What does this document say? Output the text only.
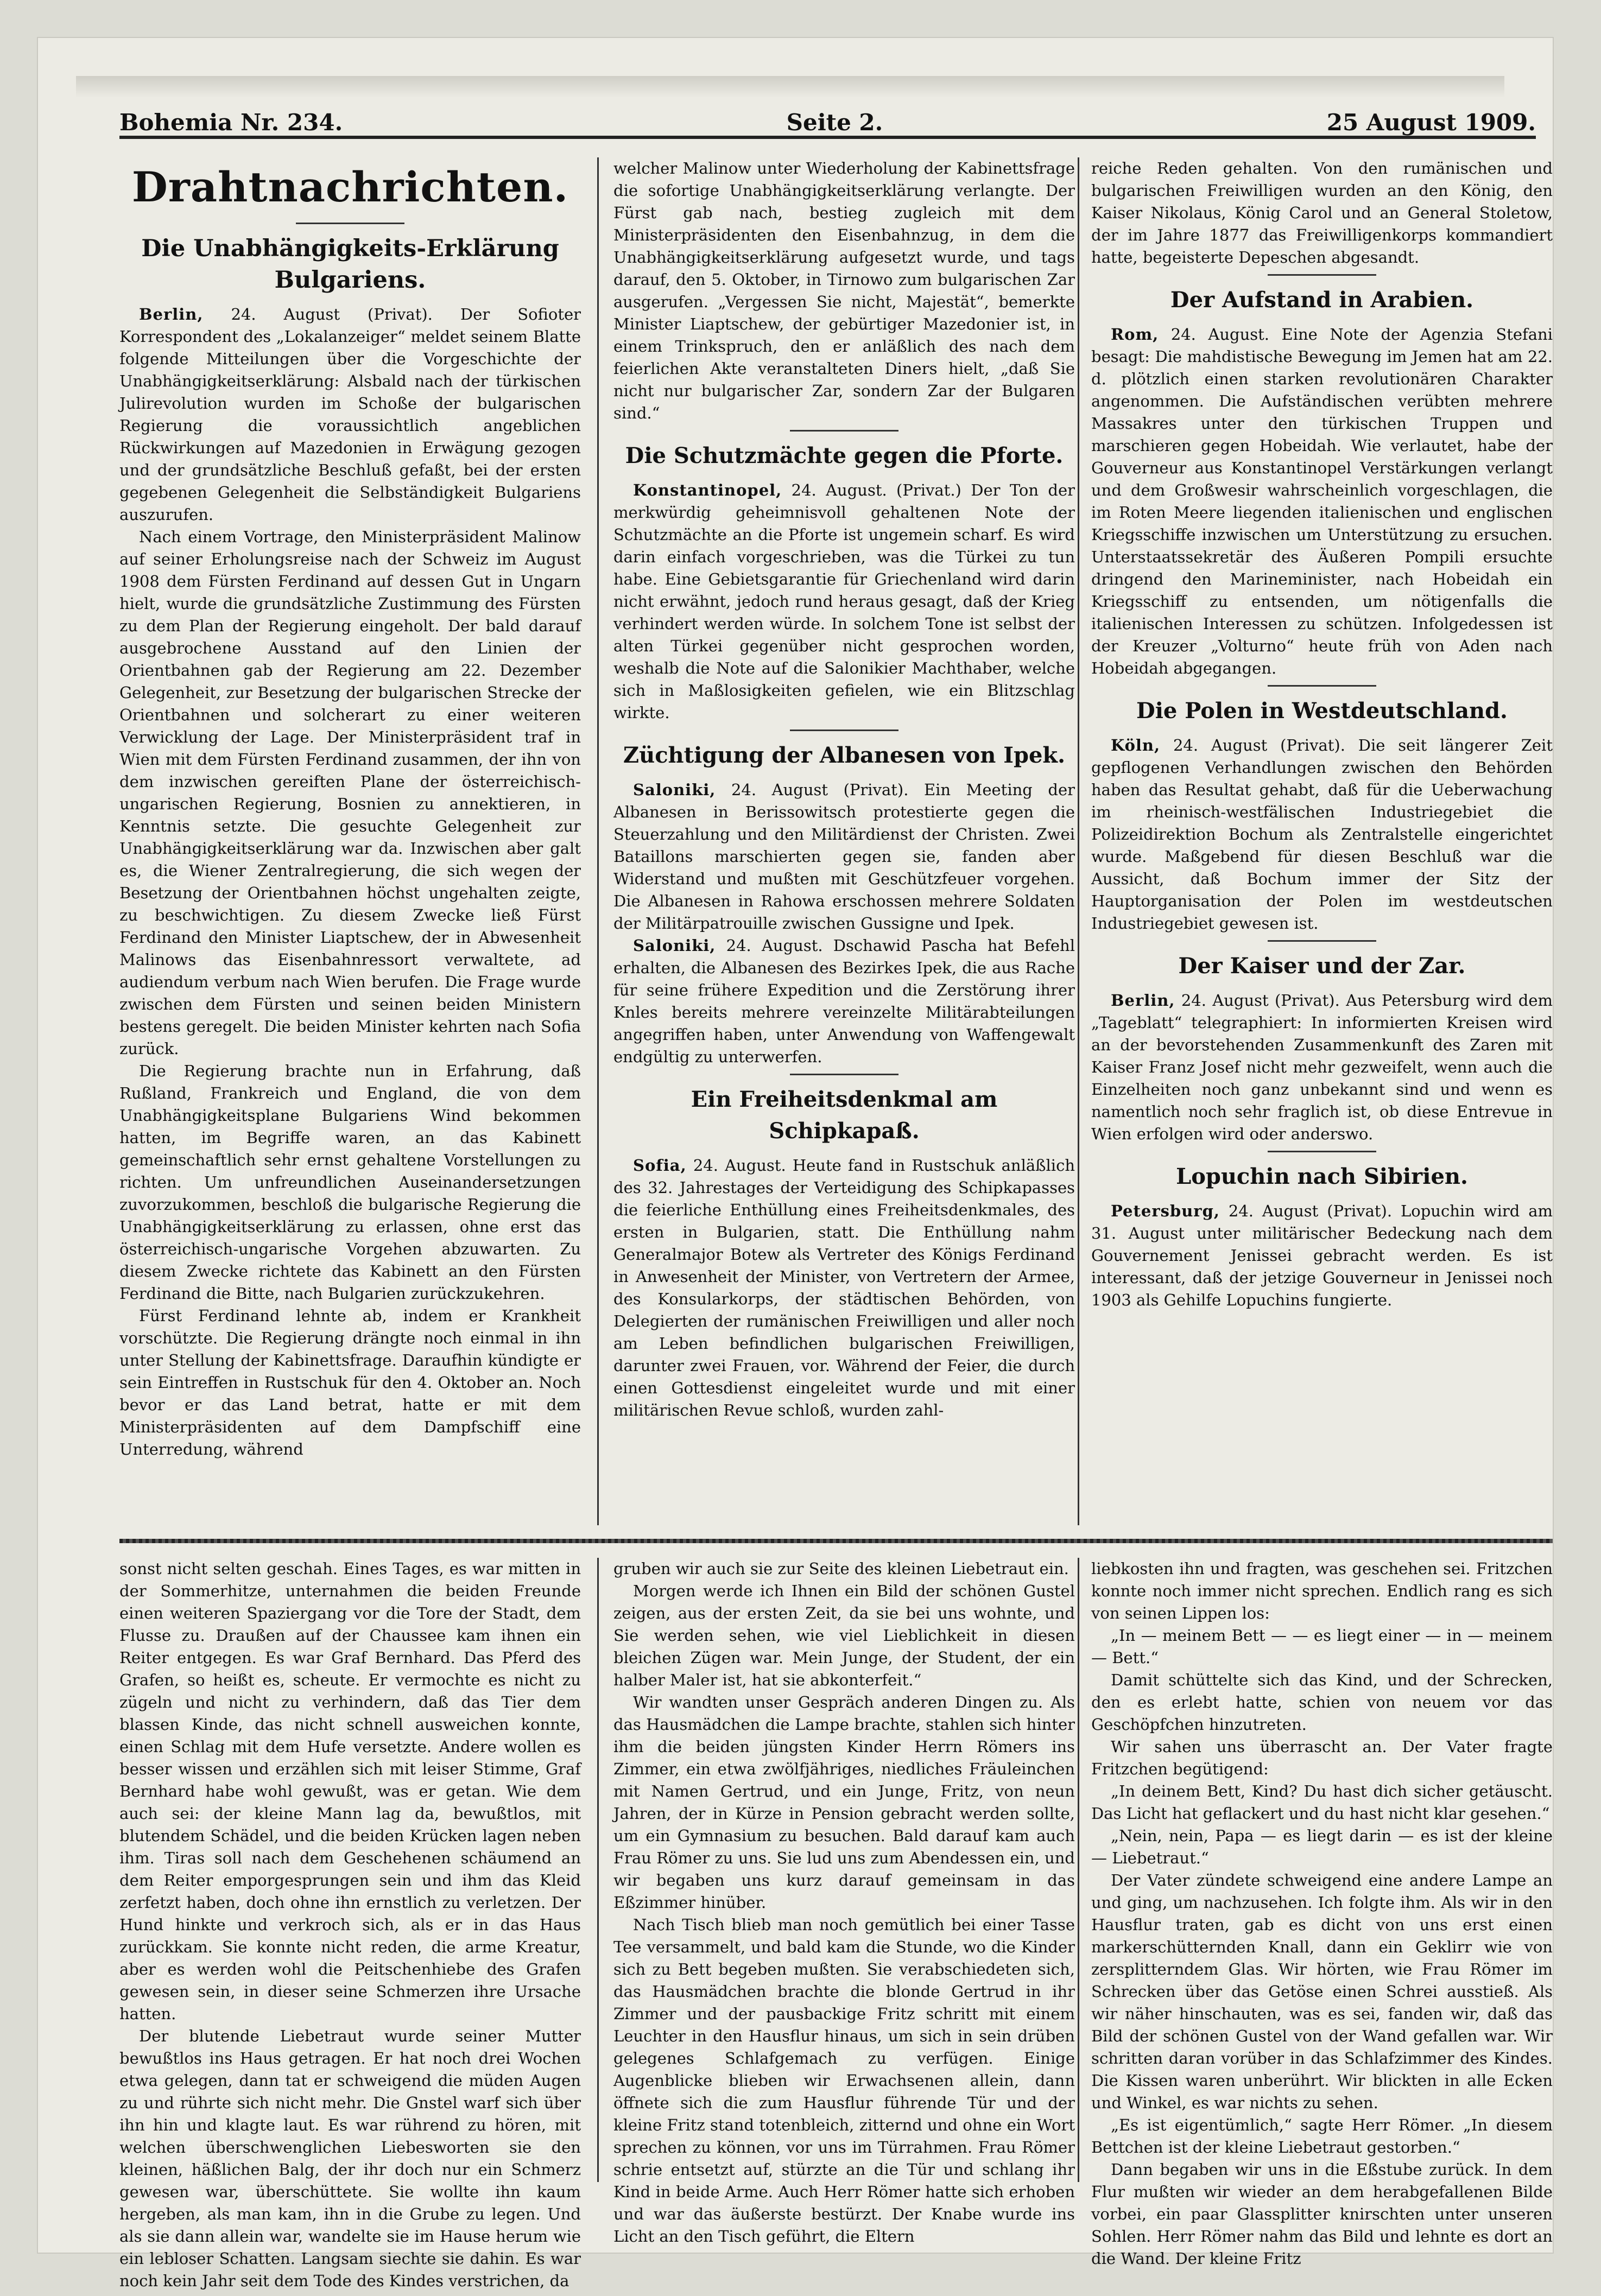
Bohemia Nr. 234.	Seite 2.	25 August 1909.
Drahtnachrichten.
Die Unabhängigkeits-Erklärung Bulgariens.

Berlin, 24. August (Privat). Der Sofioter Korrespondent des „Lokalanzeiger“ meldet seinem Blatte folgende Mitteilungen über die Vorgeschichte der Unabhängigkeitserklärung: Alsbald nach der türkischen Julirevolution wurden im Schoße der bulgarischen Regierung die voraussichtlich angeblichen Rückwirkungen auf Mazedonien in Erwägung gezogen und der grundsätzliche Beschluß gefaßt, bei der ersten gegebenen Gelegenheit die Selbständigkeit Bulgariens auszurufen.

Nach einem Vortrage, den Ministerpräsident Malinow auf seiner Erholungsreise nach der Schweiz im August 1908 dem Fürsten Ferdinand auf dessen Gut in Ungarn hielt, wurde die grundsätzliche Zustimmung des Fürsten zu dem Plan der Regierung eingeholt. Der bald darauf ausgebrochene Ausstand auf den Linien der Orientbahnen gab der Regierung am 22. Dezember Gelegenheit, zur Besetzung der bulgarischen Strecke der Orientbahnen und solcherart zu einer weiteren Verwicklung der Lage. Der Ministerpräsident traf in Wien mit dem Fürsten Ferdinand zusammen, der ihn von dem inzwischen gereiften Plane der österreichisch-ungarischen Regierung, Bosnien zu annektieren, in Kenntnis setzte. Die gesuchte Gelegenheit zur Unabhängigkeitserklärung war da. Inzwischen aber galt es, die Wiener Zentralregierung, die sich wegen der Besetzung der Orientbahnen höchst ungehalten zeigte, zu beschwichtigen. Zu diesem Zwecke ließ Fürst Ferdinand den Minister Liaptschew, der in Abwesenheit Malinows das Eisenbahnressort verwaltete, ad audiendum verbum nach Wien berufen. Die Frage wurde zwischen dem Fürsten und seinen beiden Ministern bestens geregelt. Die beiden Minister kehrten nach Sofia zurück.

Die Regierung brachte nun in Erfahrung, daß Rußland, Frankreich und England, die von dem Unabhängigkeitsplane Bulgariens Wind bekommen hatten, im Begriffe waren, an das Kabinett gemeinschaftlich sehr ernst gehaltene Vorstellungen zu richten. Um unfreundlichen Auseinandersetzungen zuvorzukommen, beschloß die bulgarische Regierung die Unabhängigkeitserklärung zu erlassen, ohne erst das österreichisch-ungarische Vorgehen abzuwarten. Zu diesem Zwecke richtete das Kabinett an den Fürsten Ferdinand die Bitte, nach Bulgarien zurückzukehren.

Fürst Ferdinand lehnte ab, indem er Krankheit vorschützte. Die Regierung drängte noch einmal in ihn unter Stellung der Kabinettsfrage. Daraufhin kündigte er sein Eintreffen in Rustschuk für den 4. Oktober an. Noch bevor er das Land betrat, hatte er mit dem Ministerpräsidenten auf dem Dampfschiff eine Unterredung, während

welcher Malinow unter Wiederholung der Kabinettsfrage die sofortige Unabhängigkeitserklärung verlangte. Der Fürst gab nach, bestieg zugleich mit dem Ministerpräsidenten den Eisenbahnzug, in dem die Unabhängigkeitserklärung aufgesetzt wurde, und tags darauf, den 5. Oktober, in Tirnowo zum bulgarischen Zar ausgerufen. „Vergessen Sie nicht, Majestät“, bemerkte Minister Liaptschew, der gebürtiger Mazedonier ist, in einem Trinkspruch, den er anläßlich des nach dem feierlichen Akte veranstalteten Diners hielt, „daß Sie nicht nur bulgarischer Zar, sondern Zar der Bulgaren sind.“

Die Schutzmächte gegen die Pforte.

Konstantinopel, 24. August. (Privat.) Der Ton der merkwürdig geheimnisvoll gehaltenen Note der Schutzmächte an die Pforte ist ungemein scharf. Es wird darin einfach vorgeschrieben, was die Türkei zu tun habe. Eine Gebietsgarantie für Griechenland wird darin nicht erwähnt, jedoch rund heraus gesagt, daß der Krieg verhindert werden würde. In solchem Tone ist selbst der alten Türkei gegenüber nicht gesprochen worden, weshalb die Note auf die Salonikier Machthaber, welche sich in Maßlosigkeiten gefielen, wie ein Blitzschlag wirkte.

Züchtigung der Albanesen von Ipek.

Saloniki, 24. August (Privat). Ein Meeting der Albanesen in Berissowitsch protestierte gegen die Steuerzahlung und den Militärdienst der Christen. Zwei Bataillons marschierten gegen sie, fanden aber Widerstand und mußten mit Geschützfeuer vorgehen. Die Albanesen in Rahowa erschossen mehrere Soldaten der Militärpatrouille zwischen Gussigne und Ipek.

Saloniki, 24. August. Dschawid Pascha hat Befehl erhalten, die Albanesen des Bezirkes Ipek, die aus Rache für seine frühere Expedition und die Zerstörung ihrer Knles bereits mehrere vereinzelte Militärabteilungen angegriffen haben, unter Anwendung von Waffengewalt endgültig zu unterwerfen.

Ein Freiheitsdenkmal am Schipkapaß.

Sofia, 24. August. Heute fand in Rustschuk anläßlich des 32. Jahrestages der Verteidigung des Schipkapasses die feierliche Enthüllung eines Freiheitsdenkmales, des ersten in Bulgarien, statt. Die Enthüllung nahm Generalmajor Botew als Vertreter des Königs Ferdinand in Anwesenheit der Minister, von Vertretern der Armee, des Konsularkorps, der städtischen Behörden, von Delegierten der rumänischen Freiwilligen und aller noch am Leben befindlichen bulgarischen Freiwilligen, darunter zwei Frauen, vor. Während der Feier, die durch einen Gottesdienst eingeleitet wurde und mit einer militärischen Revue schloß, wurden zahl-

reiche Reden gehalten. Von den rumänischen und bulgarischen Freiwilligen wurden an den König, den Kaiser Nikolaus, König Carol und an General Stoletow, der im Jahre 1877 das Freiwilligenkorps kommandiert hatte, begeisterte Depeschen abgesandt.

Der Aufstand in Arabien.

Rom, 24. August. Eine Note der Agenzia Stefani besagt: Die mahdistische Bewegung im Jemen hat am 22. d. plötzlich einen starken revolutionären Charakter angenommen. Die Aufständischen verübten mehrere Massakres unter den türkischen Truppen und marschieren gegen Hobeidah. Wie verlautet, habe der Gouverneur aus Konstantinopel Verstärkungen verlangt und dem Großwesir wahrscheinlich vorgeschlagen, die im Roten Meere liegenden italienischen und englischen Kriegsschiffe inzwischen um Unterstützung zu ersuchen. Unterstaatssekretär des Äußeren Pompili ersuchte dringend den Marineminister, nach Hobeidah ein Kriegsschiff zu entsenden, um nötigenfalls die italienischen Interessen zu schützen. Infolgedessen ist der Kreuzer „Volturno“ heute früh von Aden nach Hobeidah abgegangen.

Die Polen in Westdeutschland.

Köln, 24. August (Privat). Die seit längerer Zeit gepflogenen Verhandlungen zwischen den Behörden haben das Resultat gehabt, daß für die Ueberwachung im rheinisch-westfälischen Industriegebiet die Polizeidirektion Bochum als Zentralstelle eingerichtet wurde. Maßgebend für diesen Beschluß war die Aussicht, daß Bochum immer der Sitz der Hauptorganisation der Polen im westdeutschen Industriegebiet gewesen ist.

Der Kaiser und der Zar.

Berlin, 24. August (Privat). Aus Petersburg wird dem „Tageblatt“ telegraphiert: In informierten Kreisen wird an der bevorstehenden Zusammenkunft des Zaren mit Kaiser Franz Josef nicht mehr gezweifelt, wenn auch die Einzelheiten noch ganz unbekannt sind und wenn es namentlich noch sehr fraglich ist, ob diese Entrevue in Wien erfolgen wird oder anderswo.

Lopuchin nach Sibirien.

Petersburg, 24. August (Privat). Lopuchin wird am 31. August unter militärischer Bedeckung nach dem Gouvernement Jenissei gebracht werden. Es ist interessant, daß der jetzige Gouverneur in Jenissei noch 1903 als Gehilfe Lopuchins fungierte.

sonst nicht selten geschah. Eines Tages, es war mitten in der Sommerhitze, unternahmen die beiden Freunde einen weiteren Spaziergang vor die Tore der Stadt, dem Flusse zu. Draußen auf der Chaussee kam ihnen ein Reiter entgegen. Es war Graf Bernhard. Das Pferd des Grafen, so heißt es, scheute. Er vermochte es nicht zu zügeln und nicht zu verhindern, daß das Tier dem blassen Kinde, das nicht schnell ausweichen konnte, einen Schlag mit dem Hufe versetzte. Andere wollen es besser wissen und erzählen sich mit leiser Stimme, Graf Bernhard habe wohl gewußt, was er getan. Wie dem auch sei: der kleine Mann lag da, bewußtlos, mit blutendem Schädel, und die beiden Krücken lagen neben ihm. Tiras soll nach dem Geschehenen schäumend an dem Reiter emporgesprungen sein und ihm das Kleid zerfetzt haben, doch ohne ihn ernstlich zu verletzen. Der Hund hinkte und verkroch sich, als er in das Haus zurückkam. Sie konnte nicht reden, die arme Kreatur, aber es werden wohl die Peitschenhiebe des Grafen gewesen sein, in dieser seine Schmerzen ihre Ursache hatten.

Der blutende Liebetraut wurde seiner Mutter bewußtlos ins Haus getragen. Er hat noch drei Wochen etwa gelegen, dann tat er schweigend die müden Augen zu und rührte sich nicht mehr. Die Gnstel warf sich über ihn hin und klagte laut. Es war rührend zu hören, mit welchen überschwenglichen Liebesworten sie den kleinen, häßlichen Balg, der ihr doch nur ein Schmerz gewesen war, überschüttete. Sie wollte ihn kaum hergeben, als man kam, ihn in die Grube zu legen. Und als sie dann allein war, wandelte sie im Hause herum wie ein lebloser Schatten. Langsam siechte sie dahin. Es war noch kein Jahr seit dem Tode des Kindes verstrichen, da

gruben wir auch sie zur Seite des kleinen Liebetraut ein.

Morgen werde ich Ihnen ein Bild der schönen Gustel zeigen, aus der ersten Zeit, da sie bei uns wohnte, und Sie werden sehen, wie viel Lieblichkeit in diesen bleichen Zügen war. Mein Junge, der Student, der ein halber Maler ist, hat sie abkonterfeit.“

Wir wandten unser Gespräch anderen Dingen zu. Als das Hausmädchen die Lampe brachte, stahlen sich hinter ihm die beiden jüngsten Kinder Herrn Römers ins Zimmer, ein etwa zwölfjähriges, niedliches Fräuleinchen mit Namen Gertrud, und ein Junge, Fritz, von neun Jahren, der in Kürze in Pension gebracht werden sollte, um ein Gymnasium zu besuchen. Bald darauf kam auch Frau Römer zu uns. Sie lud uns zum Abendessen ein, und wir begaben uns kurz darauf gemeinsam in das Eßzimmer hinüber.

Nach Tisch blieb man noch gemütlich bei einer Tasse Tee versammelt, und bald kam die Stunde, wo die Kinder sich zu Bett begeben mußten. Sie verabschiedeten sich, das Hausmädchen brachte die blonde Gertrud in ihr Zimmer und der pausbackige Fritz schritt mit einem Leuchter in den Hausflur hinaus, um sich in sein drüben gelegenes Schlafgemach zu verfügen. Einige Augenblicke blieben wir Erwachsenen allein, dann öffnete sich die zum Hausflur führende Tür und der kleine Fritz stand totenbleich, zitternd und ohne ein Wort sprechen zu können, vor uns im Türrahmen. Frau Römer schrie entsetzt auf, stürzte an die Tür und schlang ihr Kind in beide Arme. Auch Herr Römer hatte sich erhoben und war das äußerste bestürzt. Der Knabe wurde ins Licht an den Tisch geführt, die Eltern

liebkosten ihn und fragten, was geschehen sei. Fritzchen konnte noch immer nicht sprechen. Endlich rang es sich von seinen Lippen los:

„In — meinem Bett — — es liegt einer — in — meinem — Bett.“

Damit schüttelte sich das Kind, und der Schrecken, den es erlebt hatte, schien von neuem vor das Geschöpfchen hinzutreten.

Wir sahen uns überrascht an. Der Vater fragte Fritzchen begütigend:

„In deinem Bett, Kind? Du hast dich sicher getäuscht. Das Licht hat geflackert und du hast nicht klar gesehen.“

„Nein, nein, Papa — es liegt darin — es ist der kleine — Liebetraut.“

Der Vater zündete schweigend eine andere Lampe an und ging, um nachzusehen. Ich folgte ihm. Als wir in den Hausflur traten, gab es dicht von uns erst einen markerschütternden Knall, dann ein Geklirr wie von zersplitterndem Glas. Wir hörten, wie Frau Römer im Schrecken über das Getöse einen Schrei ausstieß. Als wir näher hinschauten, was es sei, fanden wir, daß das Bild der schönen Gustel von der Wand gefallen war. Wir schritten daran vorüber in das Schlafzimmer des Kindes. Die Kissen waren unberührt. Wir blickten in alle Ecken und Winkel, es war nichts zu sehen.

„Es ist eigentümlich,“ sagte Herr Römer. „In diesem Bettchen ist der kleine Liebetraut gestorben.“

Dann begaben wir uns in die Eßstube zurück. In dem Flur mußten wir wieder an dem herabgefallenen Bilde vorbei, ein paar Glassplitter knirschten unter unseren Sohlen. Herr Römer nahm das Bild und lehnte es dort an die Wand. Der kleine Fritz
